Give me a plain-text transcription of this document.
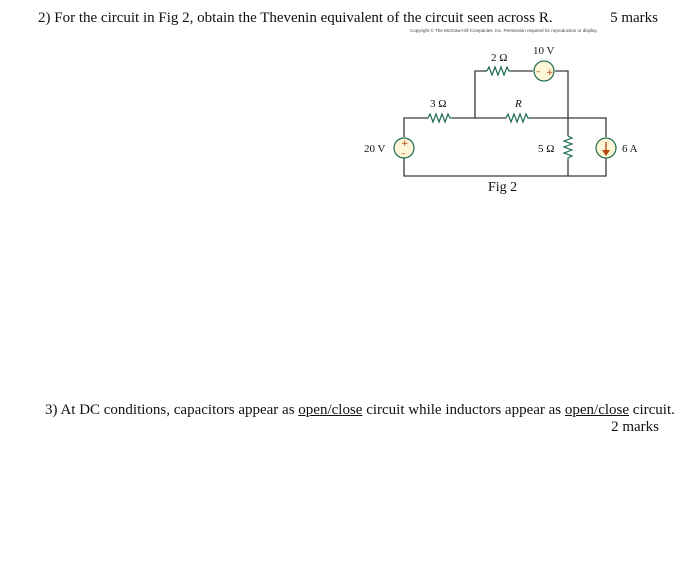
2) For the circuit in Fig 2, obtain the Thevenin equivalent of the circuit seen across R.	5 marks
Copyright © The McGraw-Hill Companies, Inc. Permission required for reproduction or display.
– +
+
–
2 Ω
10 V
3 Ω	R
20 V	5 Ω	6 A
Fig 2
3) At DC conditions, capacitors appear as open/close circuit while inductors appear as open/close circuit.
2 marks
